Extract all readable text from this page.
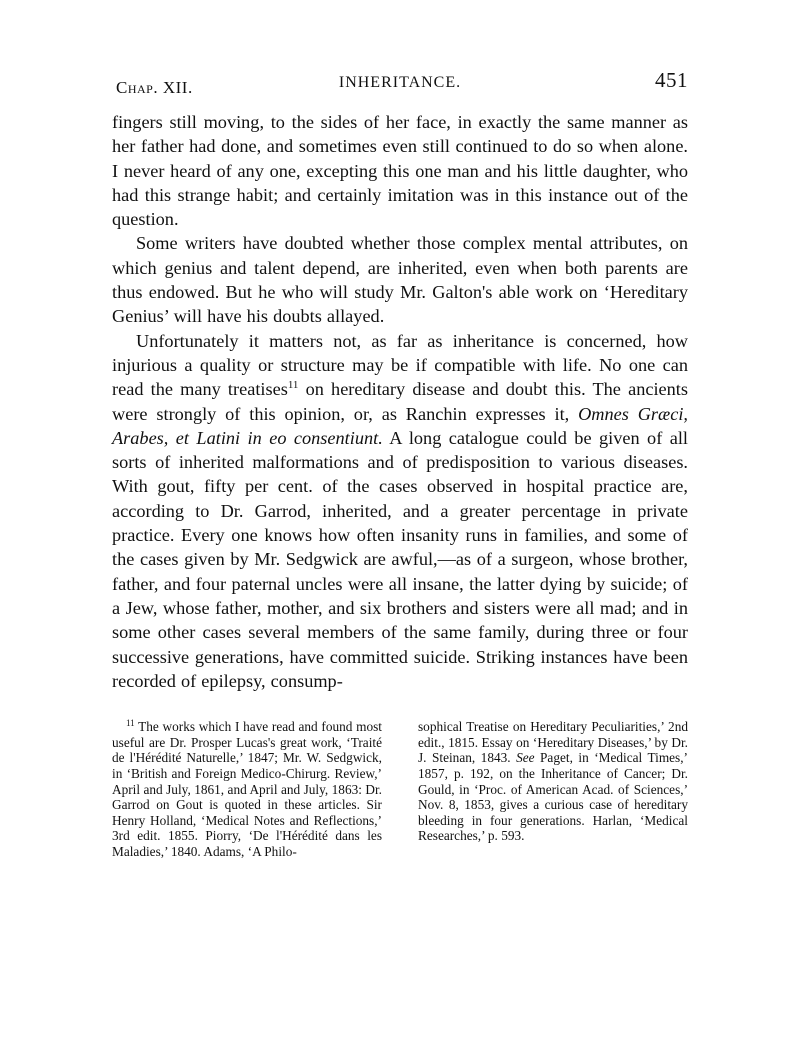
Chap. XII.	INHERITANCE.	451

fingers still moving, to the sides of her face, in exactly the same manner as her father had done, and sometimes even still continued to do so when alone. I never heard of any one, excepting this one man and his little daughter, who had this strange habit; and certainly imitation was in this instance out of the question.

Some writers have doubted whether those complex mental attributes, on which genius and talent depend, are inherited, even when both parents are thus endowed. But he who will study Mr. Galton's able work on ‘Hereditary Genius’ will have his doubts allayed.

Unfortunately it matters not, as far as inheritance is concerned, how injurious a quality or structure may be if compatible with life. No one can read the many treatises$^{11}$ on hereditary disease and doubt this. The ancients were strongly of this opinion, or, as Ranchin expresses it, Omnes Græci, Arabes, et Latini in eo consentiunt. A long catalogue could be given of all sorts of inherited malformations and of predisposition to various diseases. With gout, fifty per cent. of the cases observed in hospital practice are, according to Dr. Garrod, inherited, and a greater percentage in private practice. Every one knows how often insanity runs in families, and some of the cases given by Mr. Sedgwick are awful,—as of a surgeon, whose brother, father, and four paternal uncles were all insane, the latter dying by suicide; of a Jew, whose father, mother, and six brothers and sisters were all mad; and in some other cases several members of the same family, during three or four successive generations, have committed suicide. Striking instances have been recorded of epilepsy, consump-

$^{11}$ The works which I have read and found most useful are Dr. Prosper Lucas's great work, ‘Traité de l'Hérédité Naturelle,’ 1847; Mr. W. Sedgwick, in ‘British and Foreign Medico-Chirurg. Review,’ April and July, 1861, and April and July, 1863: Dr. Garrod on Gout is quoted in these articles. Sir Henry Holland, ‘Medical Notes and Reflections,’ 3rd edit. 1855. Piorry, ‘De l'Hérédité dans les Maladies,’ 1840. Adams, ‘A Philo-

sophical Treatise on Hereditary Peculiarities,’ 2nd edit., 1815. Essay on ‘Hereditary Diseases,’ by Dr. J. Steinan, 1843. See Paget, in ‘Medical Times,’ 1857, p. 192, on the Inheritance of Cancer; Dr. Gould, in ‘Proc. of American Acad. of Sciences,’ Nov. 8, 1853, gives a curious case of hereditary bleeding in four generations. Harlan, ‘Medical Researches,’ p. 593.
